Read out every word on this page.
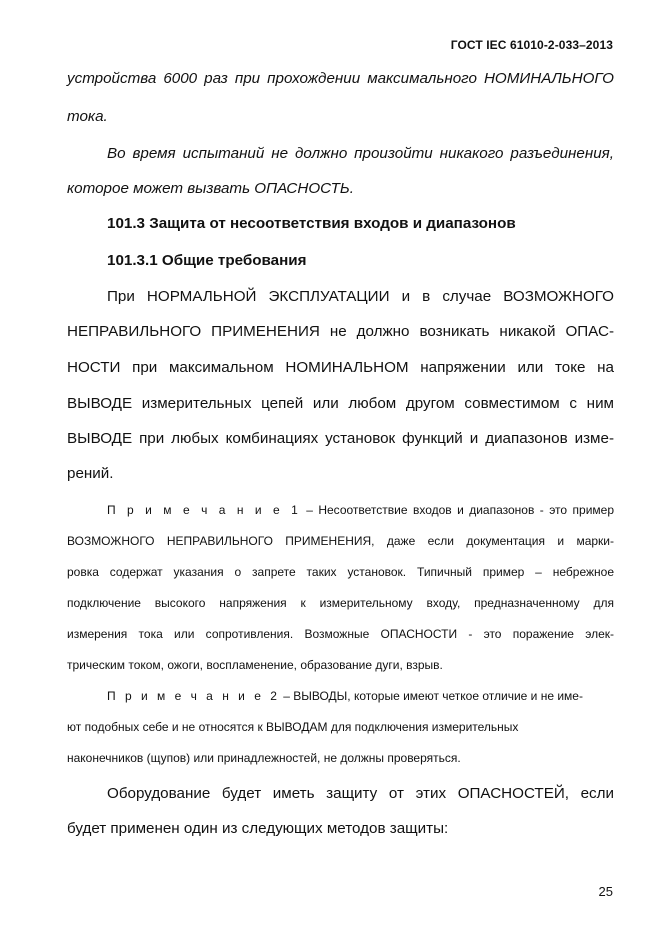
ГОСТ IEC 61010-2-033–2013
устройства 6000 раз при прохождении максимального НОМИНАЛЬНОГО
тока.
Во время испытаний не должно произойти никакого разъединения,
которое может вызвать ОПАСНОСТЬ.
101.3 Защита от несоответствия входов и диапазонов
101.3.1 Общие требования
При НОРМАЛЬНОЙ ЭКСПЛУАТАЦИИ и в случае ВОЗМОЖНОГО
НЕПРАВИЛЬНОГО ПРИМЕНЕНИЯ не должно возникать никакой ОПАС-
НОСТИ при максимальном НОМИНАЛЬНОМ напряжении или токе на
ВЫВОДЕ измерительных цепей или любом другом совместимом с ним
ВЫВОДЕ при любых комбинациях установок функций и диапазонов изме-
рений.
П р и м е ч а н и е 1 – Несоответствие входов и диапазонов - это пример
ВОЗМОЖНОГО НЕПРАВИЛЬНОГО ПРИМЕНЕНИЯ, даже если документация и марки-
ровка содержат указания о запрете таких установок. Типичный пример – небрежное
подключение высокого напряжения к измерительному входу, предназначенному для
измерения тока или сопротивления. Возможные ОПАСНОСТИ - это поражение элек-
трическим током, ожоги, воспламенение, образование дуги, взрыв.
П р и м е ч а н и е 2 – ВЫВОДЫ, которые имеют четкое отличие и не име-
ют подобных себе и не относятся к ВЫВОДАМ для подключения измерительных
наконечников (щупов) или принадлежностей, не должны проверяться.
Оборудование будет иметь защиту от этих ОПАСНОСТЕЙ, если
будет применен один из следующих методов защиты:
25
